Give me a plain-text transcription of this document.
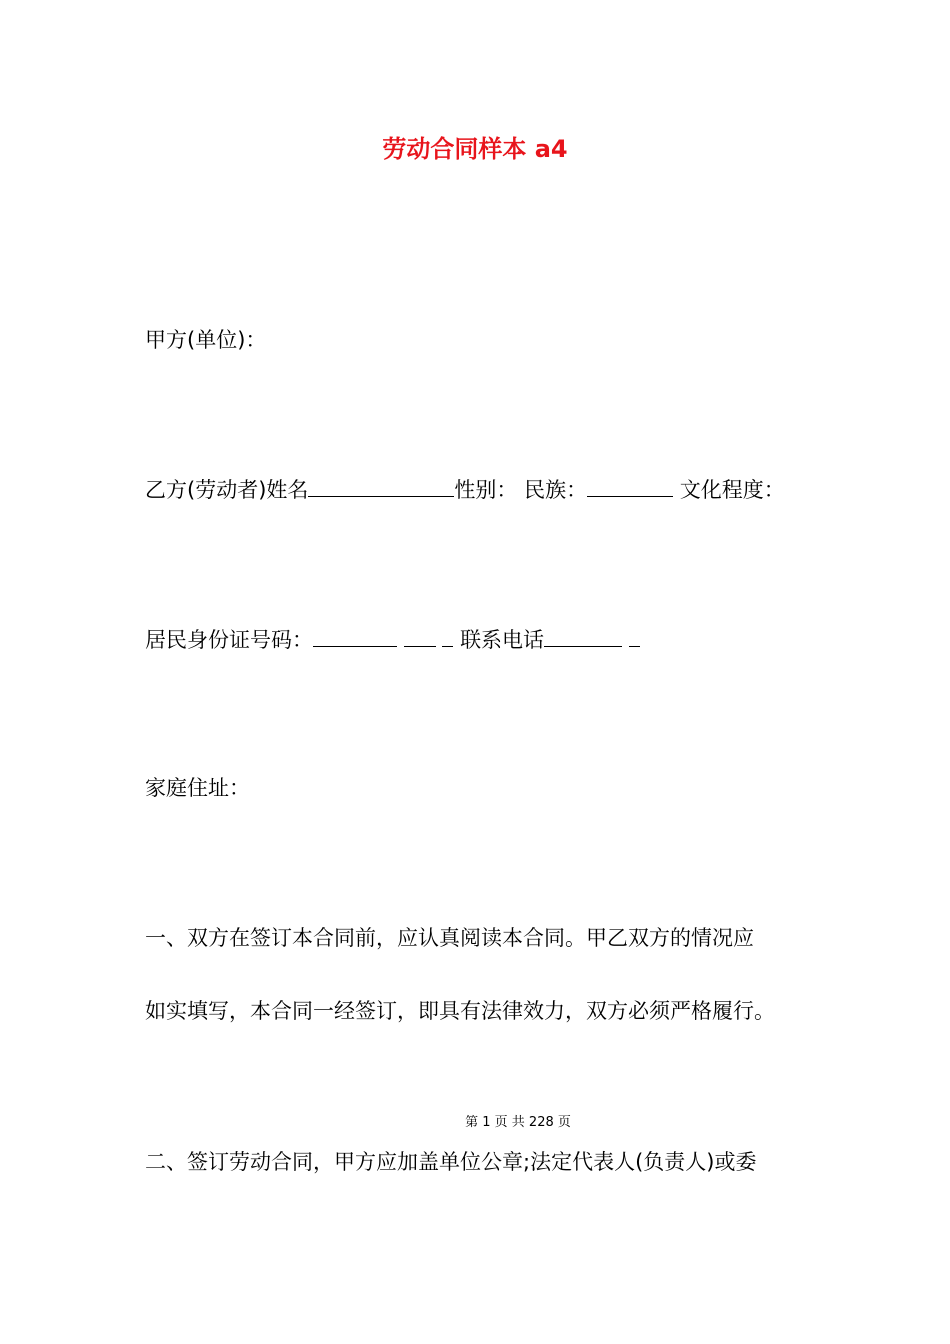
劳动合同样本 a4
甲方(单位)：
乙方(劳动者)姓名	性别： 民族：	文化程度：
居民身份证号码：	联系电话
家庭住址：
一、双方在签订本合同前，应认真阅读本合同。甲乙双方的情况应
如实填写，本合同一经签订，即具有法律效力，双方必须严格履行。
第 1 页 共 228 页
二、签订劳动合同，甲方应加盖单位公章;法定代表人(负责人)或委
